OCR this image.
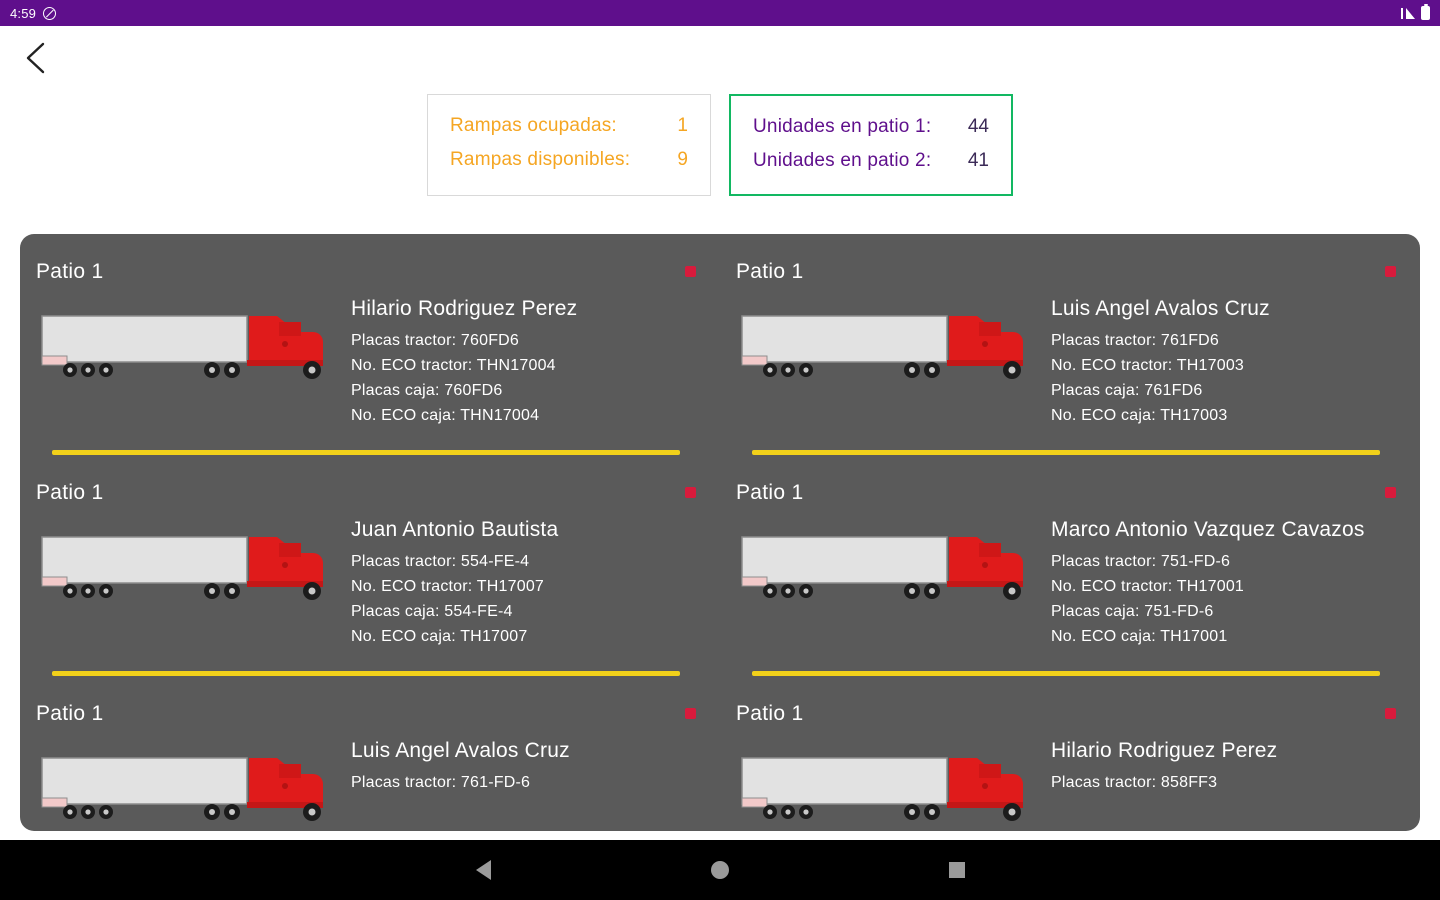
4:59
Rampas ocupadas:	1
Rampas disponibles: 9
Unidades en patio 1: 44
Unidades en patio 2: 41
Patio 1
Hilario Rodriguez Perez
Placas tractor: 760FD6
No. ECO tractor: THN17004
Placas caja: 760FD6
No. ECO caja: THN17004
Patio 1
Luis Angel Avalos Cruz
Placas tractor: 761FD6
No. ECO tractor: TH17003
Placas caja: 761FD6
No. ECO caja: TH17003
Patio 1
Juan Antonio Bautista
Placas tractor: 554-FE-4
No. ECO tractor: TH17007
Placas caja: 554-FE-4
No. ECO caja: TH17007
Patio 1
Marco Antonio Vazquez Cavazos
Placas tractor: 751-FD-6
No. ECO tractor: TH17001
Placas caja: 751-FD-6
No. ECO caja: TH17001
Patio 1
Luis Angel Avalos Cruz
Placas tractor: 761-FD-6
Patio 1
Hilario Rodriguez Perez
Placas tractor: 858FF3
